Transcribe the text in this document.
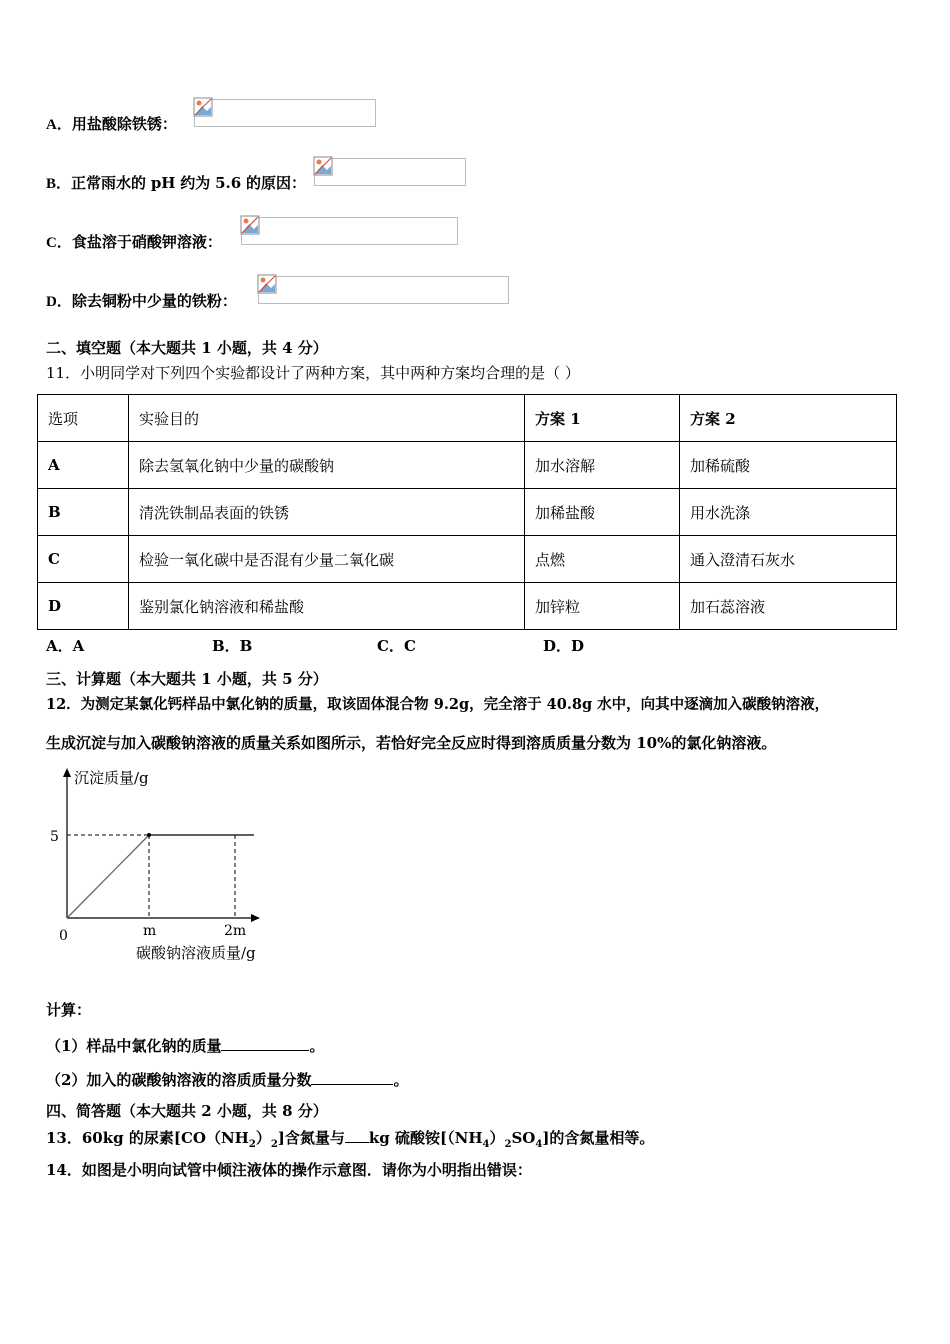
A．用盐酸除铁锈：
B．正常雨水的 pH 约为 5.6 的原因：
C．食盐溶于硝酸钾溶液：
D．除去铜粉中少量的铁粉：
二、填空题（本大题共 1 小题，共 4 分）
11．小明同学对下列四个实验都设计了两种方案，其中两种方案均合理的是（ ）
选项	实验目的	方案 1	方案 2
A	除去氢氧化钠中少量的碳酸钠	加水溶解	加稀硫酸
B	清洗铁制品表面的铁锈	加稀盐酸	用水洗涤
C	检验一氧化碳中是否混有少量二氧化碳	点燃	通入澄清石灰水
D	鉴别氯化钠溶液和稀盐酸	加锌粒	加石蕊溶液
A．A	B．B	C．C	D．D
三、计算题（本大题共 1 小题，共 5 分）
12．为测定某氯化钙样品中氯化钠的质量，取该固体混合物 9.2g，完全溶于 40.8g 水中，向其中逐滴加入碳酸钠溶液，
生成沉淀与加入碳酸钠溶液的质量关系如图所示，若恰好完全反应时得到溶质质量分数为 10%的氯化钠溶液。
沉淀质量/g
碳酸钠溶液质量/g
0
5
m	2m
计算：
（1）样品中氯化钠的质量	。
（2）加入的碳酸钠溶液的溶质质量分数	。
四、简答题（本大题共 2 小题，共 8 分）
13．60kg 的尿素$[CO(NH_2)_2]$含氮量与 kg 硫酸铵$[(NH_4)_2SO_4]$的含氮量相等。
14．如图是小明向试管中倾注液体的操作示意图．请你为小明指出错误：
